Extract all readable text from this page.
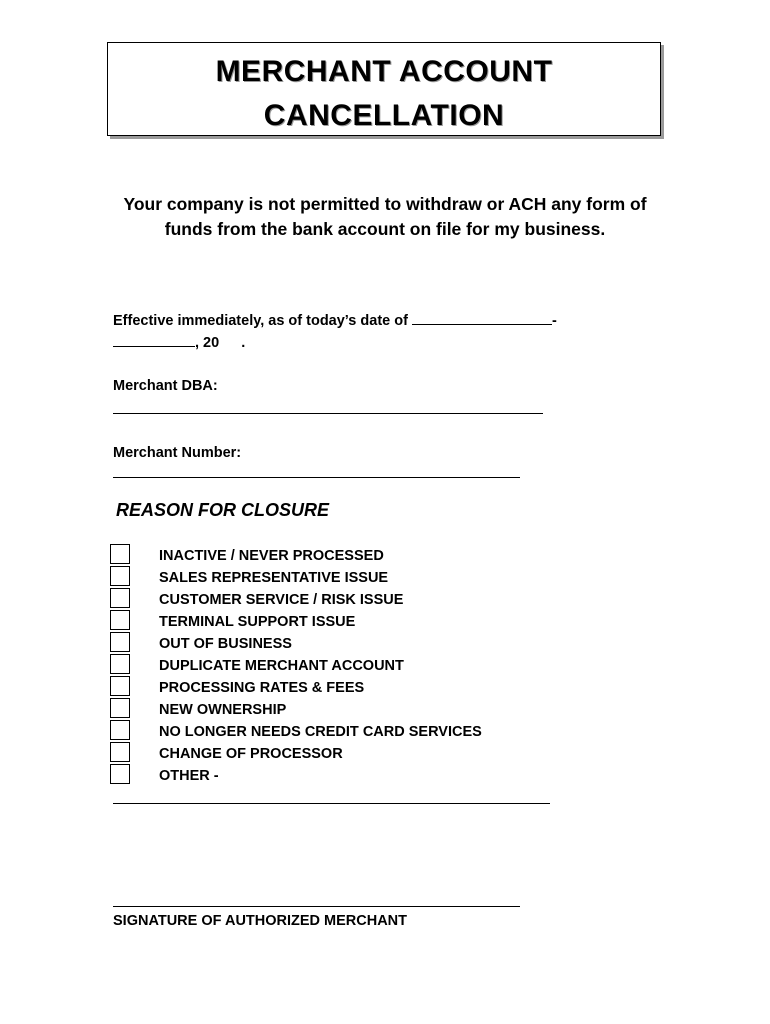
MERCHANT ACCOUNT
CANCELLATION
Your company is not permitted to withdraw or ACH any form of funds from the bank account on file for my business.
Effective immediately, as of today’s date of	-
, 20 .
Merchant DBA:
Merchant Number:
REASON FOR CLOSURE
INACTIVE / NEVER PROCESSED
SALES REPRESENTATIVE ISSUE
CUSTOMER SERVICE / RISK ISSUE
TERMINAL SUPPORT ISSUE
OUT OF BUSINESS
DUPLICATE MERCHANT ACCOUNT
PROCESSING RATES & FEES
NEW OWNERSHIP
NO LONGER NEEDS CREDIT CARD SERVICES
CHANGE OF PROCESSOR
OTHER -
SIGNATURE OF AUTHORIZED MERCHANT
